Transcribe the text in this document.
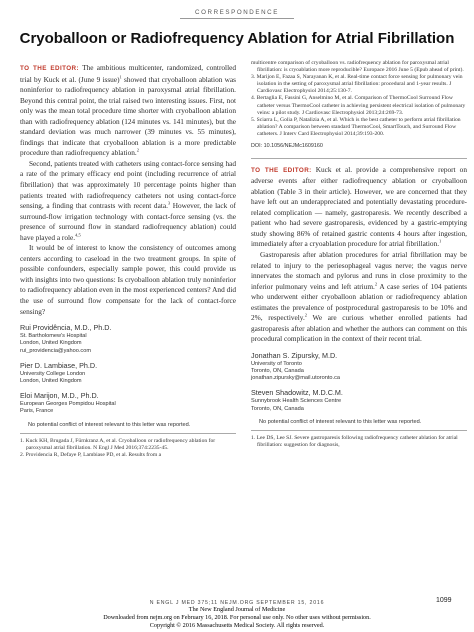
CORRESPONDENCE
Cryoballoon or Radiofrequency Ablation for Atrial Fibrillation

TO THE EDITOR: The ambitious multicenter, randomized, controlled trial by Kuck et al. (June 9 issue)$^1$ showed that cryoballoon ablation was noninferior to radiofrequency ablation in paroxysmal atrial fibrillation. Beyond this central point, the trial raised two interesting issues. First, not only was the mean total procedure time shorter with cryoballoon ablation than with radiofrequency ablation (124 minutes vs. 141 minutes), but the standard deviation was much narrower (39 minutes vs. 55 minutes), findings that indicate that cryoballoon ablation is a more predictable procedure than radiofrequency ablation.$^2$

Second, patients treated with catheters using contact-force sensing had a rate of the primary efficacy end point (including recurrence of atrial fibrillation) that was approximately 10 percentage points higher than patients treated with radiofrequency catheters not using contact-force sensing, a finding that contrasts with recent data.$^3$ However, the lack of surround-flow irrigation technology with contact-force sensing (vs. the presence of surround flow in standard radiofrequency ablation) could have played a role.$^{4,5}$

It would be of interest to know the consistency of outcomes among centers according to caseload in the two treatment groups. In spite of possible confounders, especially sample power, this could provide us with insights into two questions: Is cryoballoon ablation truly noninferior to radiofrequency ablation even in the most experienced centers? And did the use of surround flow compensate for the lack of contact-force sensing?

Rui Providência, M.D., Ph.D.
St. Bartholomew's Hospital
London, United Kingdom
rui_providencia@yahoo.com
Pier D. Lambiase, Ph.D.
University College London
London, United Kingdom
Eloi Marijon, M.D., Ph.D.
European Georges Pompidou Hospital
Paris, France
No potential conflict of interest relevant to this letter was reported.
1. Kuck KH, Brugada J, Fürnkranz A, et al. Cryoballoon or radiofrequency ablation for paroxysmal atrial fibrillation. N Engl J Med 2016;374:2235-45.
2. Providencia R, Defaye P, Lambiase PD, et al. Results from a
multicentre comparison of cryoballoon vs. radiofrequency ablation for paroxysmal atrial fibrillation: is cryoablation more reproducible? Europace 2016 June 5 (Epub ahead of print).
3. Marijon E, Fazaa S, Narayanan K, et al. Real-time contact force sensing for pulmonary vein isolation in the setting of paroxysmal atrial fibrillation: procedural and 1-year results. J Cardiovasc Electrophysiol 2014;25:130-7.
4. Bertaglia E, Fassini G, Anselmino M, et al. Comparison of ThermoCool Surround Flow catheter versus ThermoCool catheter in achieving persistent electrical isolation of pulmonary veins: a pilot study. J Cardiovasc Electrophysiol 2013;24:269-73.
5. Sciarra L, Golia P, Natalizia A, et al. Which is the best catheter to perform atrial fibrillation ablation? A comparison between standard ThermoCool, SmartTouch, and Surround Flow catheters. J Interv Card Electrophysiol 2014;39:193-200.
DOI: 10.1056/NEJMc1609160

TO THE EDITOR: Kuck et al. provide a comprehensive report on adverse events after either radiofrequency ablation or cryoballoon ablation (Table 3 in their article). However, we are concerned that they have left out an underappreciated and potentially devastating procedure-related complication — namely, gastroparesis. We recently described a patient who had severe gastroparesis, evidenced by a gastric-emptying study showing 86% of retained gastric contents 4 hours after ingestion, immediately after a cryoablation procedure for atrial fibrillation.$^1$

Gastroparesis after ablation procedures for atrial fibrillation may be related to injury to the periesophageal vagus nerve; the vagus nerve innervates the stomach and pylorus and runs in close proximity to the inferior pulmonary veins and left atrium.$^2$ A case series of 104 patients who underwent either cryoballoon ablation or radiofrequency ablation estimates the prevalence of postprocedural gastroparesis to be 10% and 2%, respectively.$^2$ We are curious whether enrolled patients had gastroparesis after ablation and whether the authors can comment on this procedural complication in the context of their recent trial.

Jonathan S. Zipursky, M.D.
University of Toronto
Toronto, ON, Canada
jonathan.zipursky@mail.utoronto.ca
Steven Shadowitz, M.D.C.M.
Sunnybrook Health Sciences Centre
Toronto, ON, Canada
No potential conflict of interest relevant to this letter was reported.
1. Lee DS, Lee SJ. Severe gastroparesis following radiofrequency catheter ablation for atrial fibrillation: suggestion for diagnosis,
N ENGL J MED 375;11 NEJM.ORG SEPTEMBER 15, 2016	1099
The New England Journal of Medicine
Downloaded from nejm.org on February 16, 2018. For personal use only. No other uses without permission.
Copyright © 2016 Massachusetts Medical Society. All rights reserved.
